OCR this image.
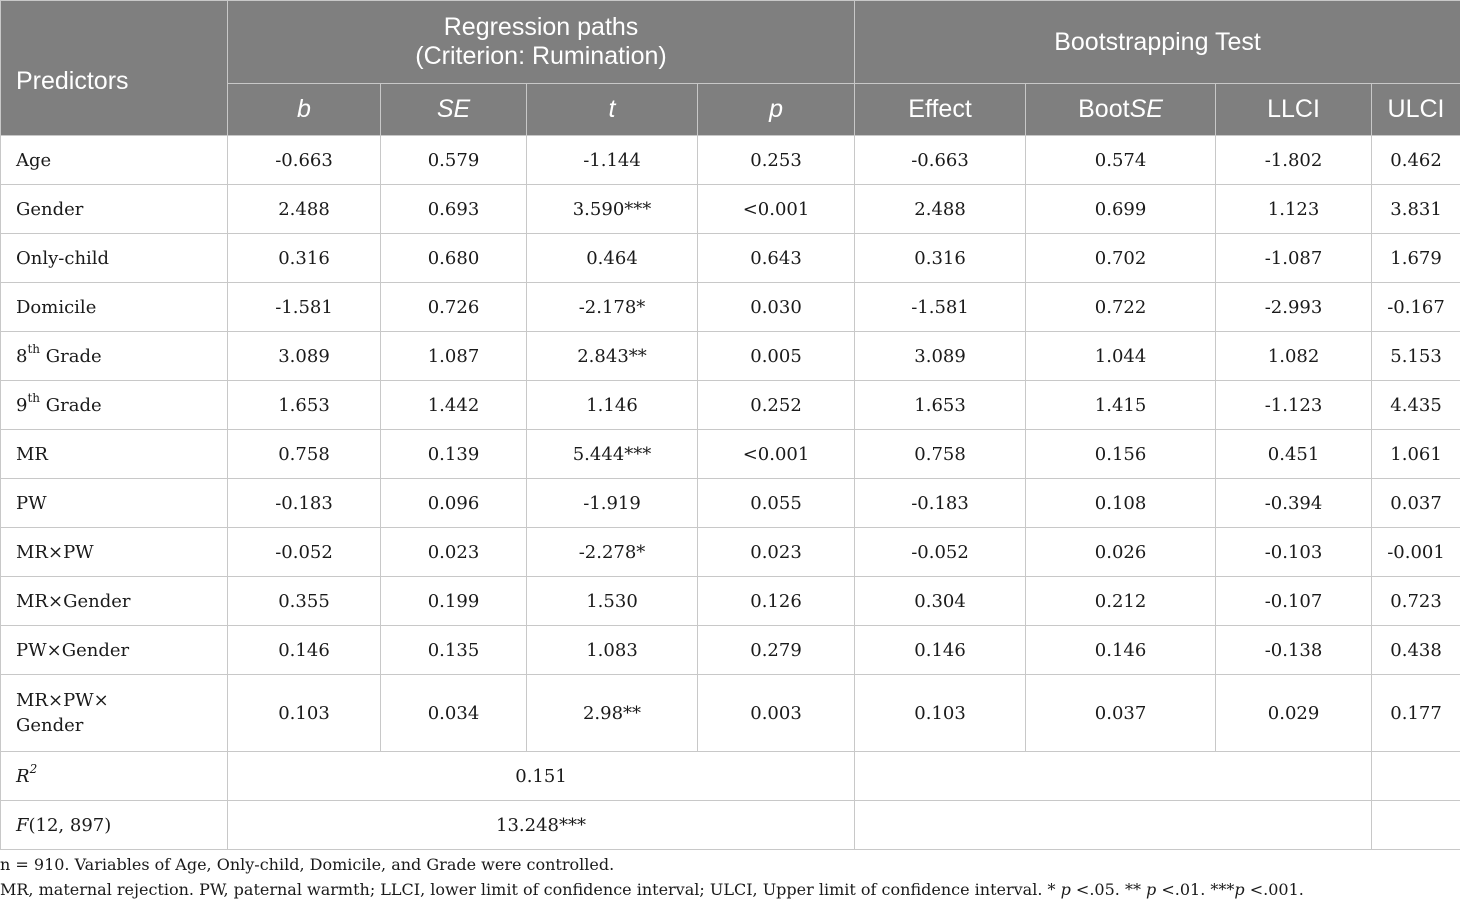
Predictors	Regression paths
(Criterion: Rumination)				Bootstrapping Test			
	b	SE	t	p	Effect	BootSE	LLCI	ULCI
Age	-0.663	0.579	-1.144	0.253	-0.663	0.574	-1.802	0.462
Gender	2.488	0.693	3.590***	<0.001	2.488	0.699	1.123	3.831
Only-child	0.316	0.680	0.464	0.643	0.316	0.702	-1.087	1.679
Domicile	-1.581	0.726	-2.178*	0.030	-1.581	0.722	-2.993	-0.167
8th Grade	3.089	1.087	2.843**	0.005	3.089	1.044	1.082	5.153
9th Grade	1.653	1.442	1.146	0.252	1.653	1.415	-1.123	4.435
MR	0.758	0.139	5.444***	<0.001	0.758	0.156	0.451	1.061
PW	-0.183	0.096	-1.919	0.055	-0.183	0.108	-0.394	0.037
MR×PW	-0.052	0.023	-2.278*	0.023	-0.052	0.026	-0.103	-0.001
MR×Gender	0.355	0.199	1.530	0.126	0.304	0.212	-0.107	0.723
PW×Gender	0.146	0.135	1.083	0.279	0.146	0.146	-0.138	0.438

MR×PW×
Gender	0.103	0.034	2.98**	0.003	0.103	0.037	0.029	0.177
$R^2$	0.151							
F(12, 897)	13.248***							
n = 910. Variables of Age, Only-child, Domicile, and Grade were controlled.
MR, maternal rejection. PW, paternal warmth; LLCI, lower limit of confidence interval; ULCI, Upper limit of confidence interval. * p <.05. ** p <.01. ***p <.001.
